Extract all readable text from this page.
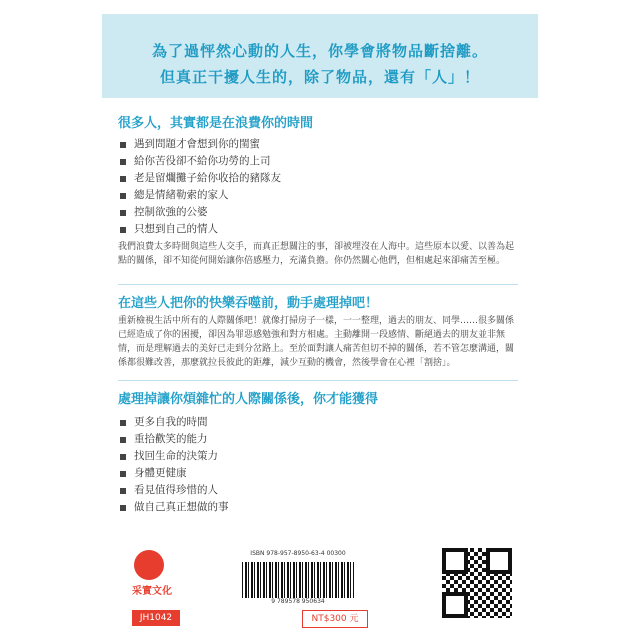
為了過怦然心動的人生，你學會將物品斷捨離。
但真正干擾人生的，除了物品，還有「人」！
很多人，其實都是在浪費你的時間
遇到問題才會想到你的閨蜜
給你苦役卻不給你功勞的上司
老是留爛攤子給你收拾的豬隊友
總是情緒勒索的家人
控制欲強的公婆
只想到自己的情人
我們浪費太多時間與這些人交手，而真正想關注的事，卻被埋沒在人海中。這些原本以愛、以善為起點的關係，卻不知從何開始讓你倍感壓力，充滿負擔。你仍然關心他們，但相處起來卻痛苦至極。
在這些人把你的快樂吞噬前，動手處理掉吧！
重新檢視生活中所有的人際關係吧！就像打掃房子一樣，一一整理，過去的朋友、同學……很多關係已經造成了你的困擾，卻因為罪惡感勉強和對方相處。主動離開一段感情、斷絕過去的朋友並非無情，而是理解過去的美好已走到分岔路上。至於面對讓人痛苦但切不掉的關係，若不管怎麼溝通，關係都很難改善，那麼就拉長彼此的距離，減少互動的機會，然後學會在心裡「割捨」。
處理掉讓你煩雜忙的人際關係後，你才能獲得
更多自我的時間
重拾歡笑的能力
找回生命的決策力
身體更健康
看見值得珍惜的人
做自己真正想做的事
采實文化
ISBN 978-957-8950-63-4 00300
9 789578 950634
JH1042	NT$300 元
